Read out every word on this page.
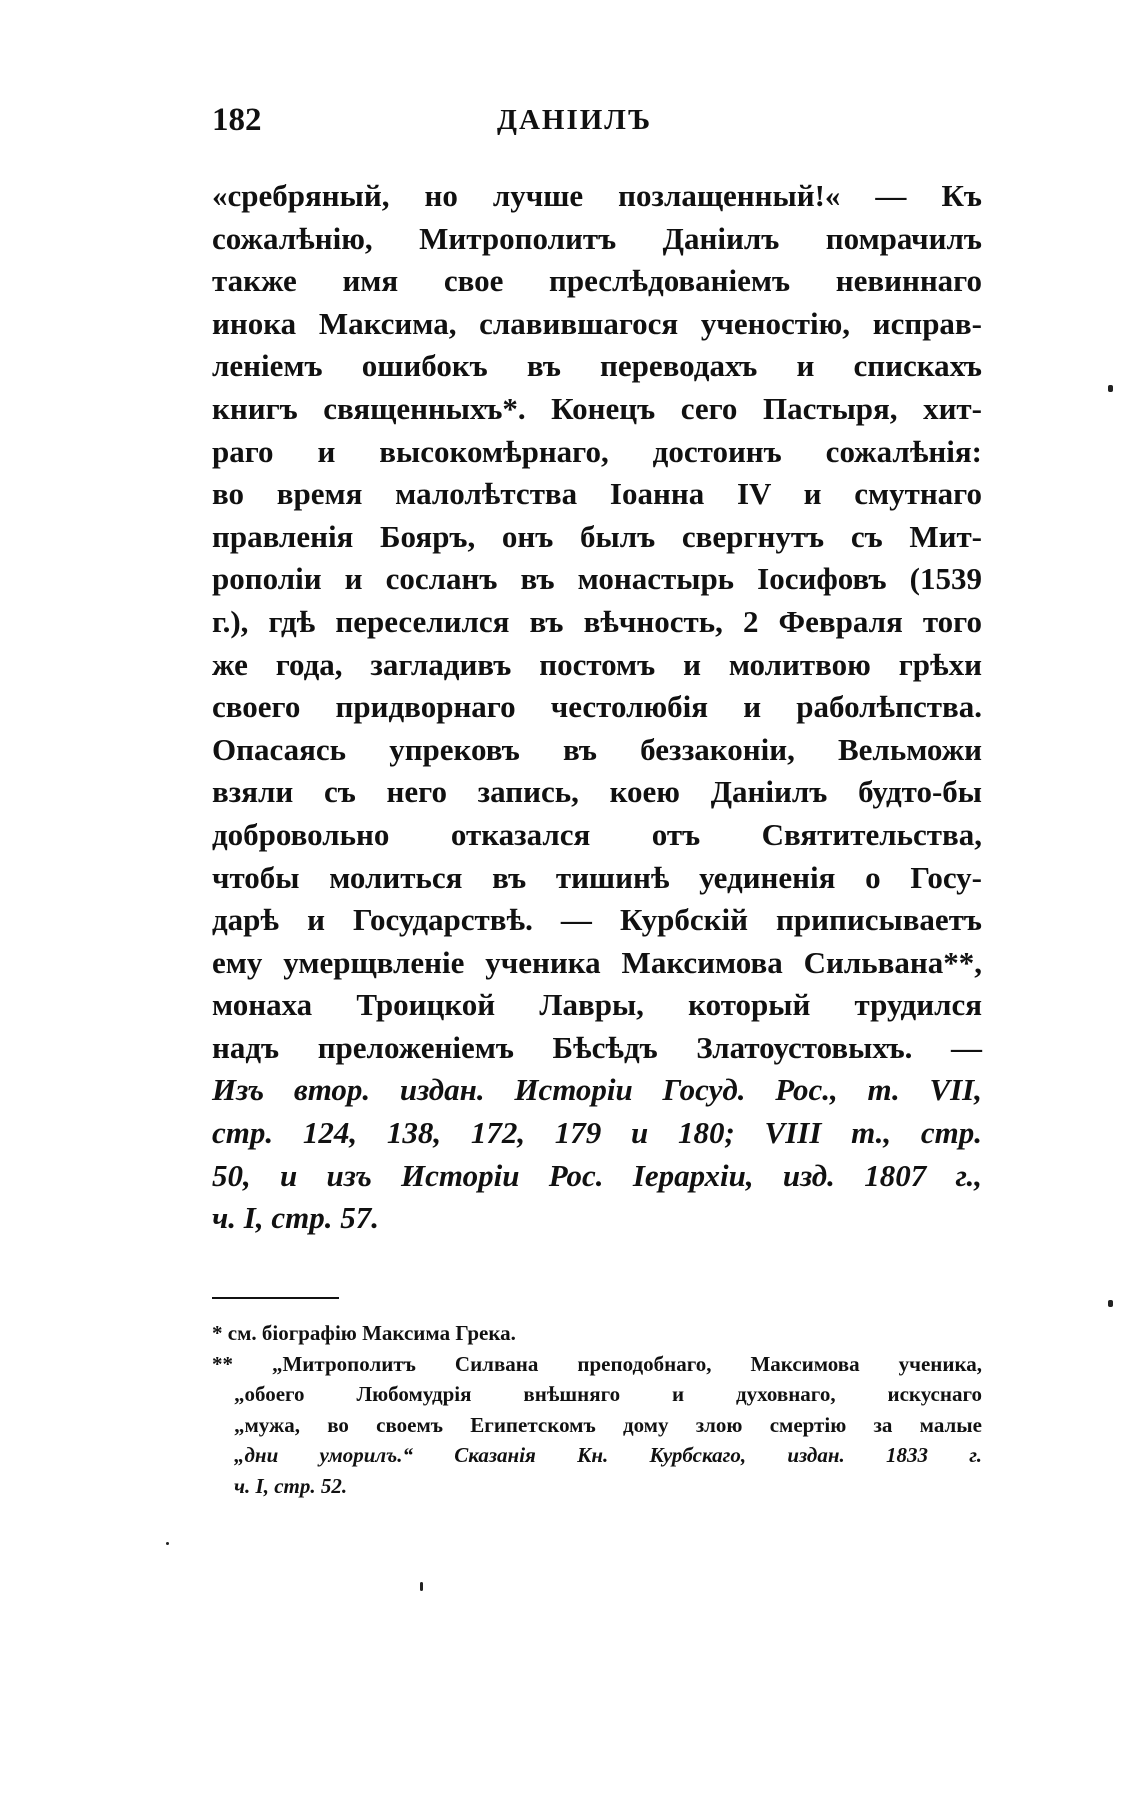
182	ДАНІИЛЪ
«сребряный, но лучше позлащенный!« — Къ
сожалѣнію, Митрополитъ Даніилъ помрачилъ
также имя свое преслѣдованіемъ невиннаго
инока Максима, славившагося ученостію, исправ-
леніемъ ошибокъ въ переводахъ и спискахъ
книгъ священныхъ*. Конецъ сего Пастыря, хит-
раго и высокомѣрнаго, достоинъ сожалѣнія:
во время малолѣтства Іоанна IV и смутнаго
правленія Бояръ, онъ былъ свергнутъ съ Мит-
рополіи и сосланъ въ монастырь Іосифовъ (1539
г.), гдѣ переселился въ вѣчность, 2 Февраля того
же года, загладивъ постомъ и молитвою грѣхи
своего придворнаго честолюбія и раболѣпства.
Опасаясь упрековъ въ беззаконіи, Вельможи
взяли съ него запись, коею Даніилъ будто-бы
добровольно отказался отъ Святительства,
чтобы молиться въ тишинѣ уединенія о Госу-
дарѣ и Государствѣ. — Курбскій приписываетъ
ему умерщвленіе ученика Максимова Сильвана**,
монаха Троицкой Лавры, который трудился
надъ преложеніемъ Бѣсѣдъ Златоустовыхъ. —
Изъ втор. издан. Исторіи Госуд. Рос., т. VII,
стр. 124, 138, 172, 179 и 180; VIII т., стр.
50, и изъ Исторіи Рос. Іерархіи, изд. 1807 г.,
ч. I, стр. 57.
* см. біографію Максима Грека.
** „Митрополитъ Силвана преподобнаго, Максимова ученика,
„обоего Любомудрія внѣшняго и духовнаго, искуснаго
„мужа, во своемъ Египетскомъ дому злою смертію за малые
„дни уморилъ.“ Сказанія Кн. Курбскаго, издан. 1833 г.
ч. I, стр. 52.
